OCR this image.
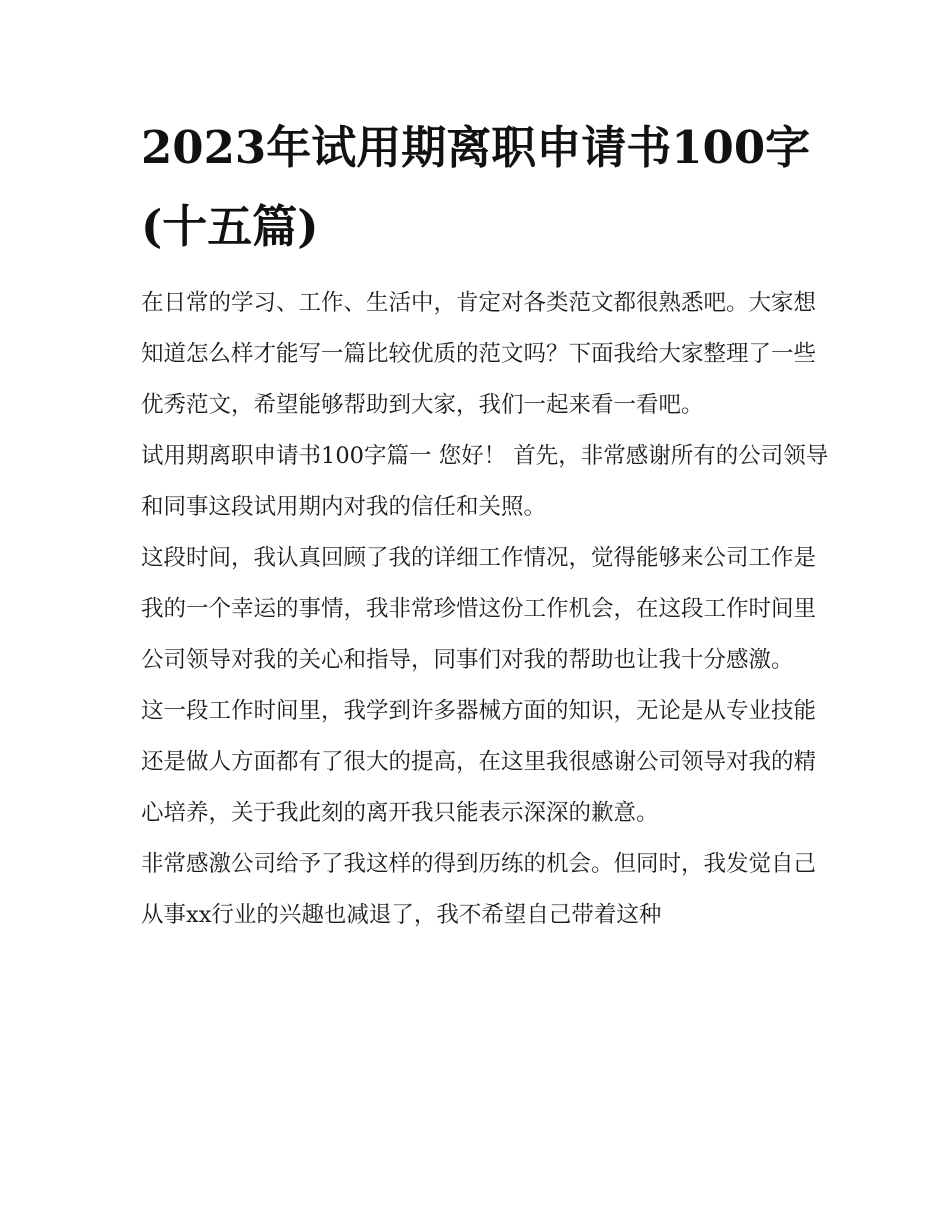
2023年试用期离职申请书100字(十五篇)

在日常的学习、工作、生活中，肯定对各类范文都很熟悉吧。大家想知道怎么样才能写一篇比较优质的范文吗？下面我给大家整理了一些优秀范文，希望能够帮助到大家，我们一起来看一看吧。

试用期离职申请书100字篇一 您好！ 首先，非常感谢所有的公司领导和同事这段试用期内对我的信任和关照。

这段时间，我认真回顾了我的详细工作情况，觉得能够来公司工作是我的一个幸运的事情，我非常珍惜这份工作机会，在这段工作时间里公司领导对我的关心和指导，同事们对我的帮助也让我十分感激。

这一段工作时间里，我学到许多器械方面的知识，无论是从专业技能还是做人方面都有了很大的提高，在这里我很感谢公司领导对我的精心培养，关于我此刻的离开我只能表示深深的歉意。

非常感激公司给予了我这样的得到历练的机会。但同时，我发觉自己从事xx行业的兴趣也减退了，我不希望自己带着这种
